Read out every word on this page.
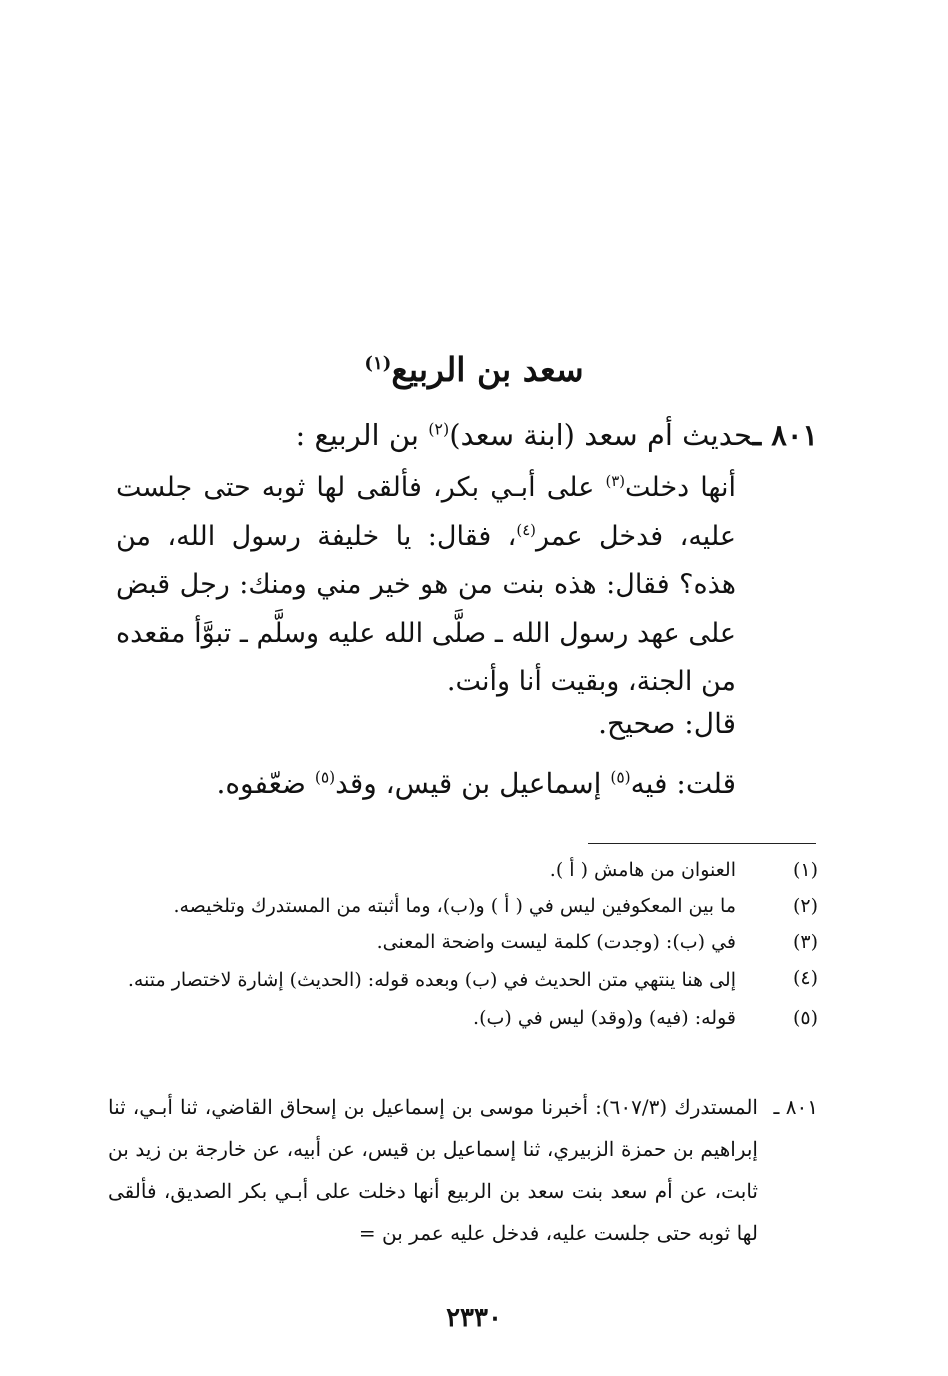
سعد بن الربيع$^{(١)}$
٨٠١ ـحديث أم سعد (ابنة سعد)$^{(٢)}$ بن الربيع :

أنها دخلت$^{(٣)}$ على أبـي بكر، فألقى لها ثوبه حتى جلست عليه، فدخل عمر$^{(٤)}$، فقال: يا خليفة رسول الله، من هذه؟ فقال: هذه بنت من هو خير مني ومنك: رجل قبض على عهد رسول الله ـ صلَّى الله عليه وسلَّم ـ تبوَّأ مقعده من الجنة، وبقيت أنا وأنت.

قال: صحيح.
قلت: فيه$^{(٥)}$ إسماعيل بن قيس، وقد$^{(٥)}$ ضعّفوه.
(١)
العنوان من هامش ( أ ).
(٢)
ما بين المعكوفين ليس في ( أ ) و(ب)، وما أثبته من المستدرك وتلخيصه.
(٣)
في (ب): (وجدت) كلمة ليست واضحة المعنى.
(٤)
إلى هنا ينتهي متن الحديث في (ب) وبعده قوله: (الحديث) إشارة لاختصار متنه.
(٥)
قوله: (فيه) و(وقد) ليس في (ب).
٨٠١ ـ
المستدرك (٦٠٧/٣): أخبرنا موسى بن إسماعيل بن إسحاق القاضي، ثنا أبـي، ثنا إبراهيم بن حمزة الزبيري، ثنا إسماعيل بن قيس، عن أبيه، عن خارجة بن زيد بن ثابت، عن أم سعد بنت سعد بن الربيع أنها دخلت على أبـي بكر الصديق، فألقى لها ثوبه حتى جلست عليه، فدخل عليه عمر بن =
٢٣٣٠
